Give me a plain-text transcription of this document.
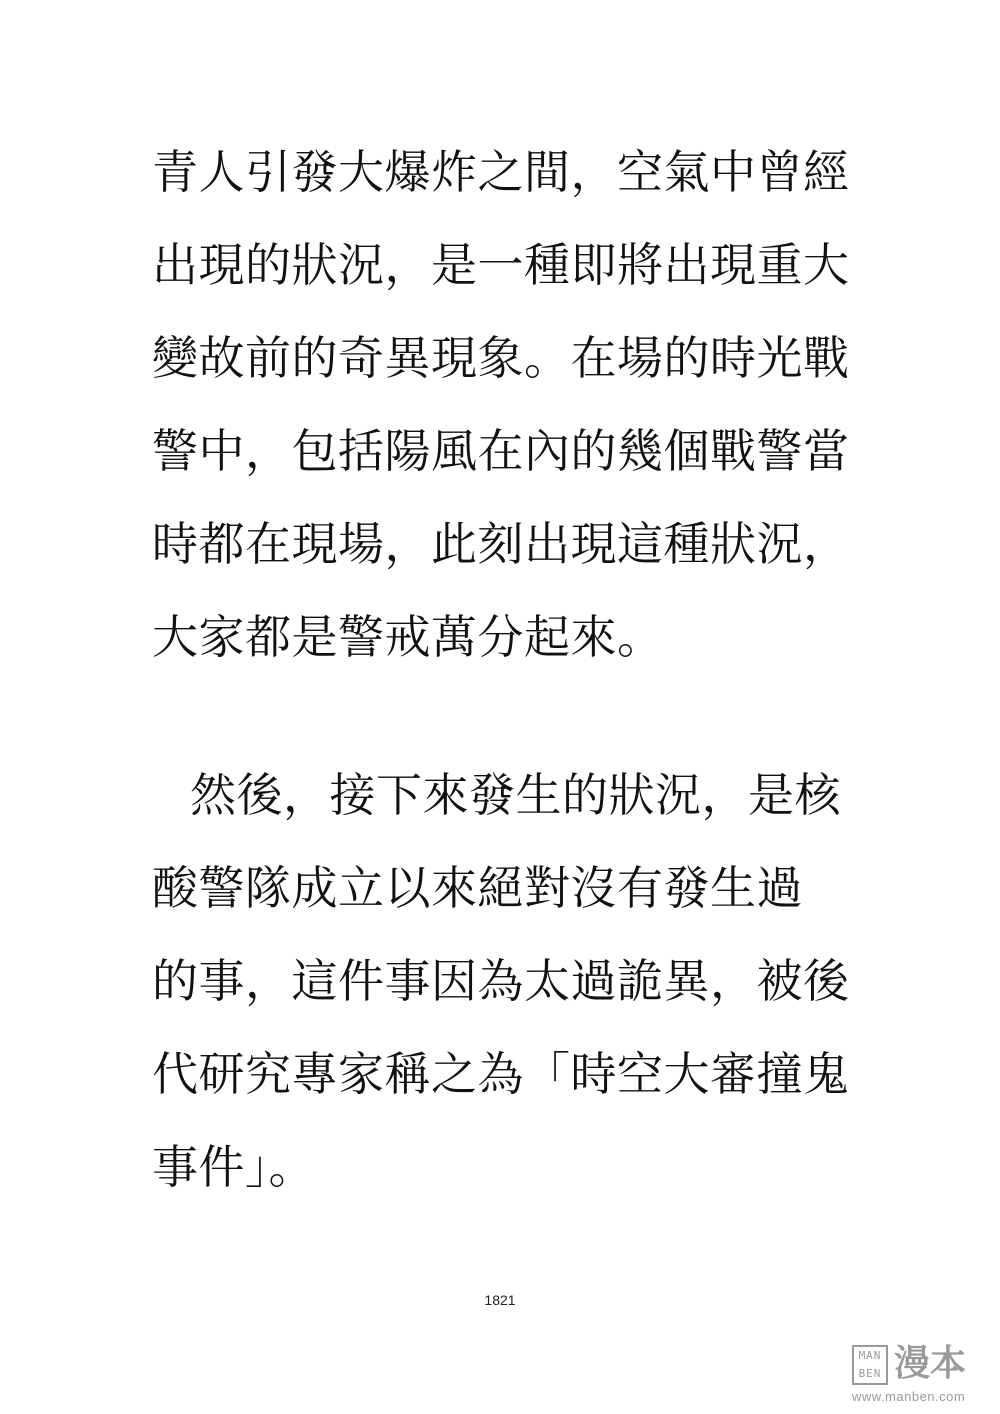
青人引發大爆炸之間，空氣中曾經
出現的狀況，是一種即將出現重大
變故前的奇異現象。在場的時光戰
警中，包括陽風在內的幾個戰警當
時都在現場，此刻出現這種狀況，
大家都是警戒萬分起來。
然後，接下來發生的狀況，是核
酸警隊成立以來絕對沒有發生過
的事，這件事因為太過詭異，被後
代研究專家稱之為「時空大審撞鬼
事件」。
1821
MAN
BEN 漫本
www.manben.com
